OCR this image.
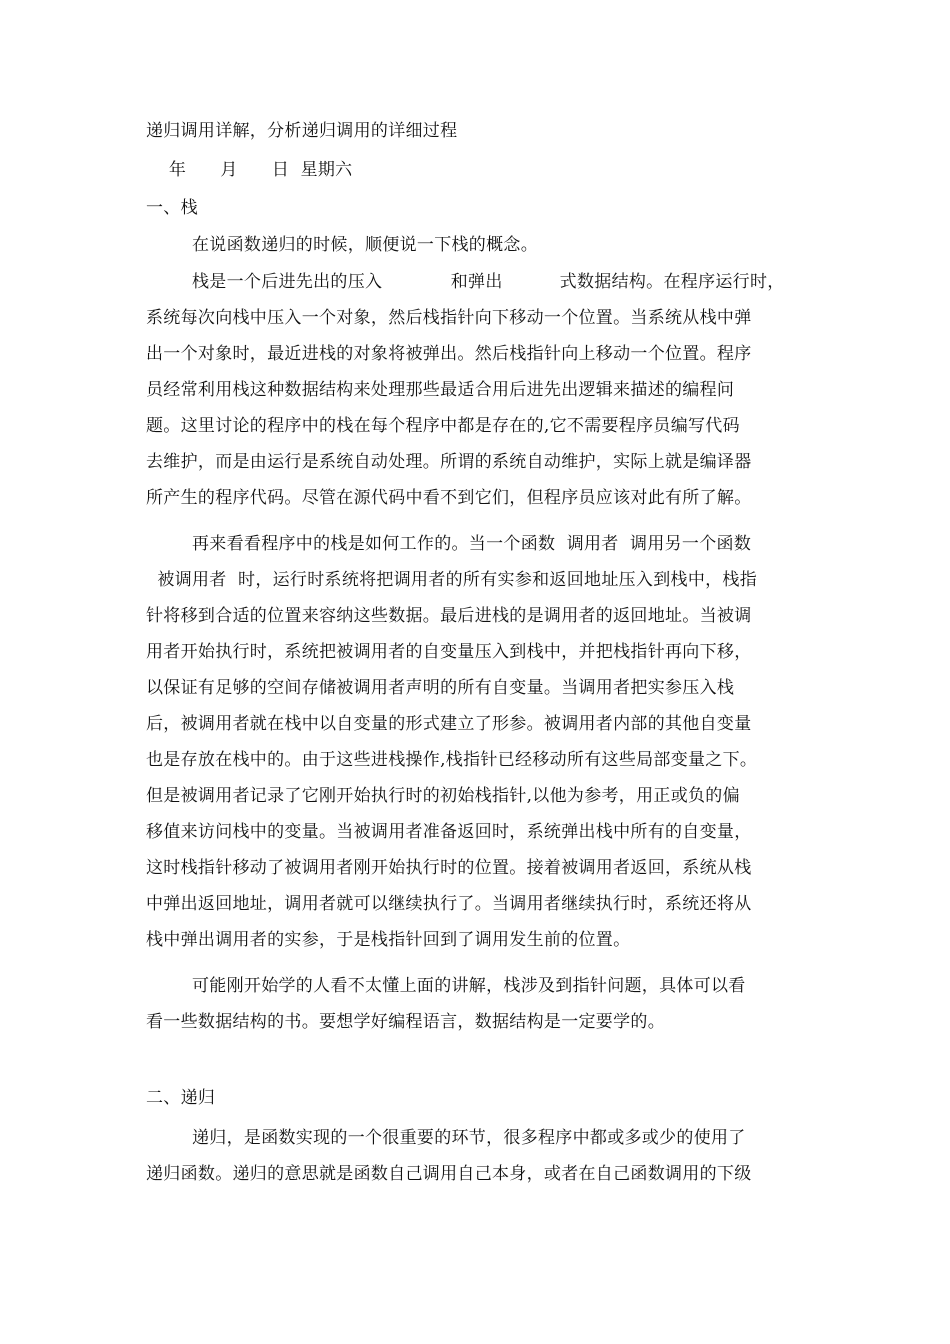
递归调用详解，分析递归调用的详细过程
年      月      日  星期六
一、栈
在说函数递归的时候，顺便说一下栈的概念。
栈是一个后进先出的压入            和弹出          式数据结构。在程序运行时，
系统每次向栈中压入一个对象，然后栈指针向下移动一个位置。当系统从栈中弹
出一个对象时，最近进栈的对象将被弹出。然后栈指针向上移动一个位置。程序
员经常利用栈这种数据结构来处理那些最适合用后进先出逻辑来描述的编程问
题。这里讨论的程序中的栈在每个程序中都是存在的,它不需要程序员编写代码
去维护，而是由运行是系统自动处理。所谓的系统自动维护，实际上就是编译器
所产生的程序代码。尽管在源代码中看不到它们，但程序员应该对此有所了解。
再来看看程序中的栈是如何工作的。当一个函数  调用者  调用另一个函数
被调用者  时，运行时系统将把调用者的所有实参和返回地址压入到栈中，栈指
针将移到合适的位置来容纳这些数据。最后进栈的是调用者的返回地址。当被调
用者开始执行时，系统把被调用者的自变量压入到栈中，并把栈指针再向下移，
以保证有足够的空间存储被调用者声明的所有自变量。当调用者把实参压入栈
后，被调用者就在栈中以自变量的形式建立了形参。被调用者内部的其他自变量
也是存放在栈中的。由于这些进栈操作,栈指针已经移动所有这些局部变量之下。
但是被调用者记录了它刚开始执行时的初始栈指针,以他为参考，用正或负的偏
移值来访问栈中的变量。当被调用者准备返回时，系统弹出栈中所有的自变量，
这时栈指针移动了被调用者刚开始执行时的位置。接着被调用者返回，系统从栈
中弹出返回地址，调用者就可以继续执行了。当调用者继续执行时，系统还将从
栈中弹出调用者的实参，于是栈指针回到了调用发生前的位置。
可能刚开始学的人看不太懂上面的讲解，栈涉及到指针问题，具体可以看
看一些数据结构的书。要想学好编程语言，数据结构是一定要学的。
二、递归
递归，是函数实现的一个很重要的环节，很多程序中都或多或少的使用了
递归函数。递归的意思就是函数自己调用自己本身，或者在自己函数调用的下级
